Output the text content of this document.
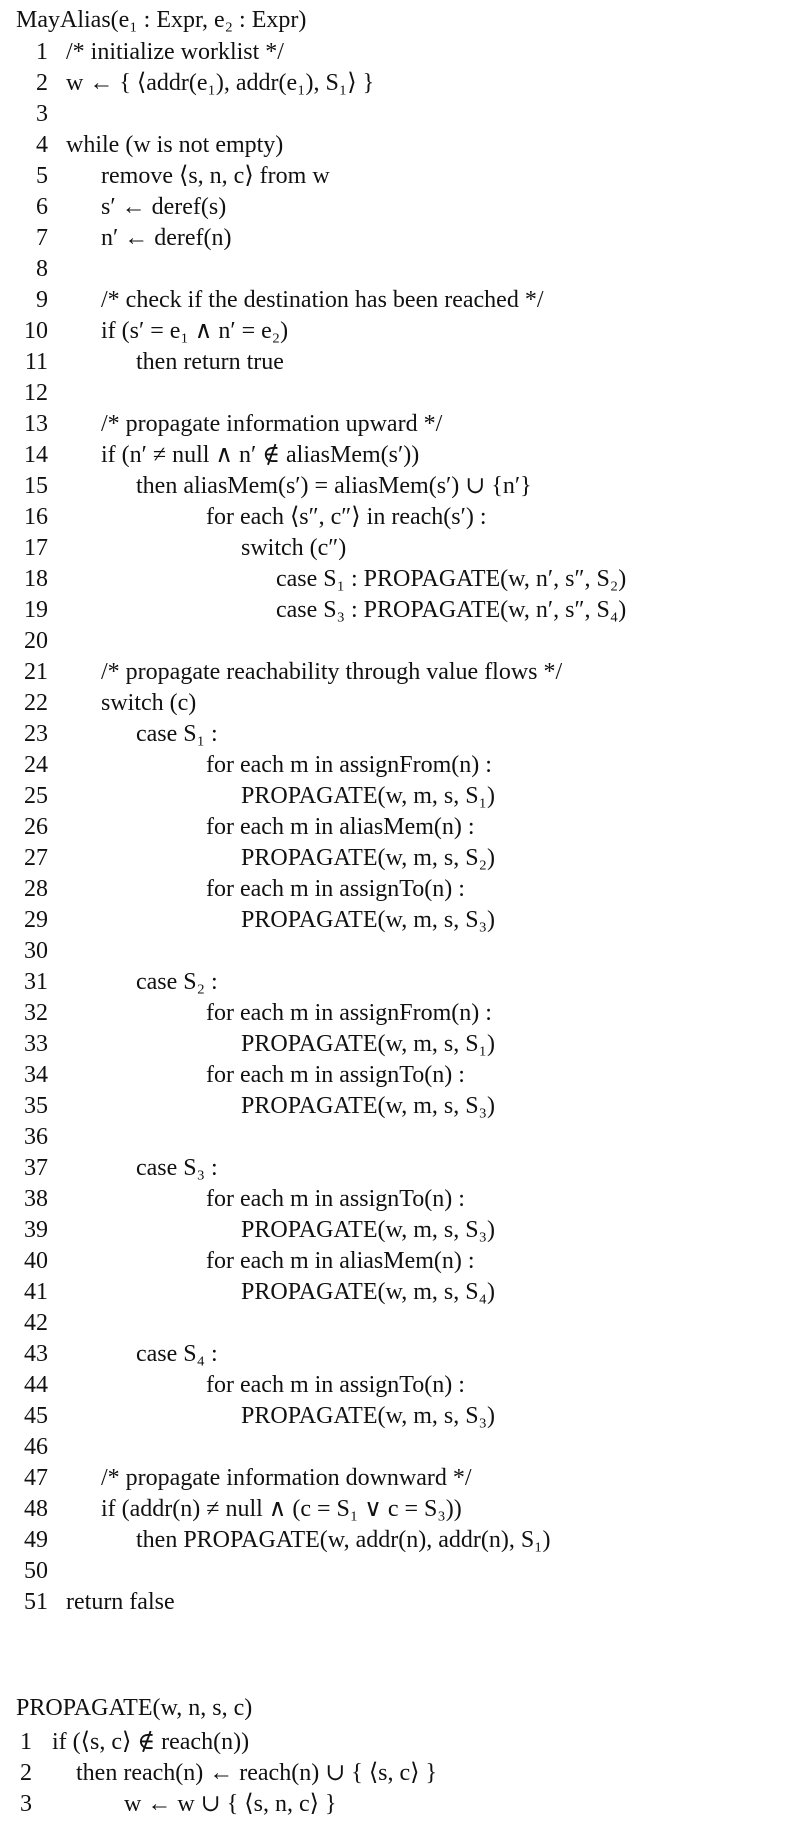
MayAlias(e₁ : Expr, e₂ : Expr)
1 /* initialize worklist */
2 w ← { ⟨addr(e₁), addr(e₁), S₁⟩ }
3
4 while (w is not empty)
5 remove ⟨s, n, c⟩ from w
6 s′ ← deref(s)
7 n′ ← deref(n)
8
9 /* check if the destination has been reached */
10 if (s′ = e₁ ∧ n′ = e₂)
11	then return true
12
13 /* propagate information upward */
14 if (n′ ≠ null ∧ n′ ∉ aliasMem(s′))
15	then aliasMem(s′) = aliasMem(s′) ∪ {n′}
16	for each ⟨s″, c″⟩ in reach(s′) :
17	switch (c″)
18	case S₁ : PROPAGATE(w, n′, s″, S₂)
19	case S₃ : PROPAGATE(w, n′, s″, S₄)
20
21 /* propagate reachability through value flows */
22 switch (c)
23	case S₁ :
24	for each m in assignFrom(n) :
25	PROPAGATE(w, m, s, S₁)
26	for each m in aliasMem(n) :
27	PROPAGATE(w, m, s, S₂)
28	for each m in assignTo(n) :
29	PROPAGATE(w, m, s, S₃)
30
31	case S₂ :
32	for each m in assignFrom(n) :
33	PROPAGATE(w, m, s, S₁)
34	for each m in assignTo(n) :
35	PROPAGATE(w, m, s, S₃)
36
37	case S₃ :
38	for each m in assignTo(n) :
39	PROPAGATE(w, m, s, S₃)
40	for each m in aliasMem(n) :
41	PROPAGATE(w, m, s, S₄)
42
43	case S₄ :
44	for each m in assignTo(n) :
45	PROPAGATE(w, m, s, S₃)
46
47 /* propagate information downward */
48 if (addr(n) ≠ null ∧ (c = S₁ ∨ c = S₃))
49	then PROPAGATE(w, addr(n), addr(n), S₁)
50
51 return false
PROPAGATE(w, n, s, c)
1 if (⟨s, c⟩ ∉ reach(n))
2 then reach(n) ← reach(n) ∪ { ⟨s, c⟩ }
3	w ← w ∪ { ⟨s, n, c⟩ }
